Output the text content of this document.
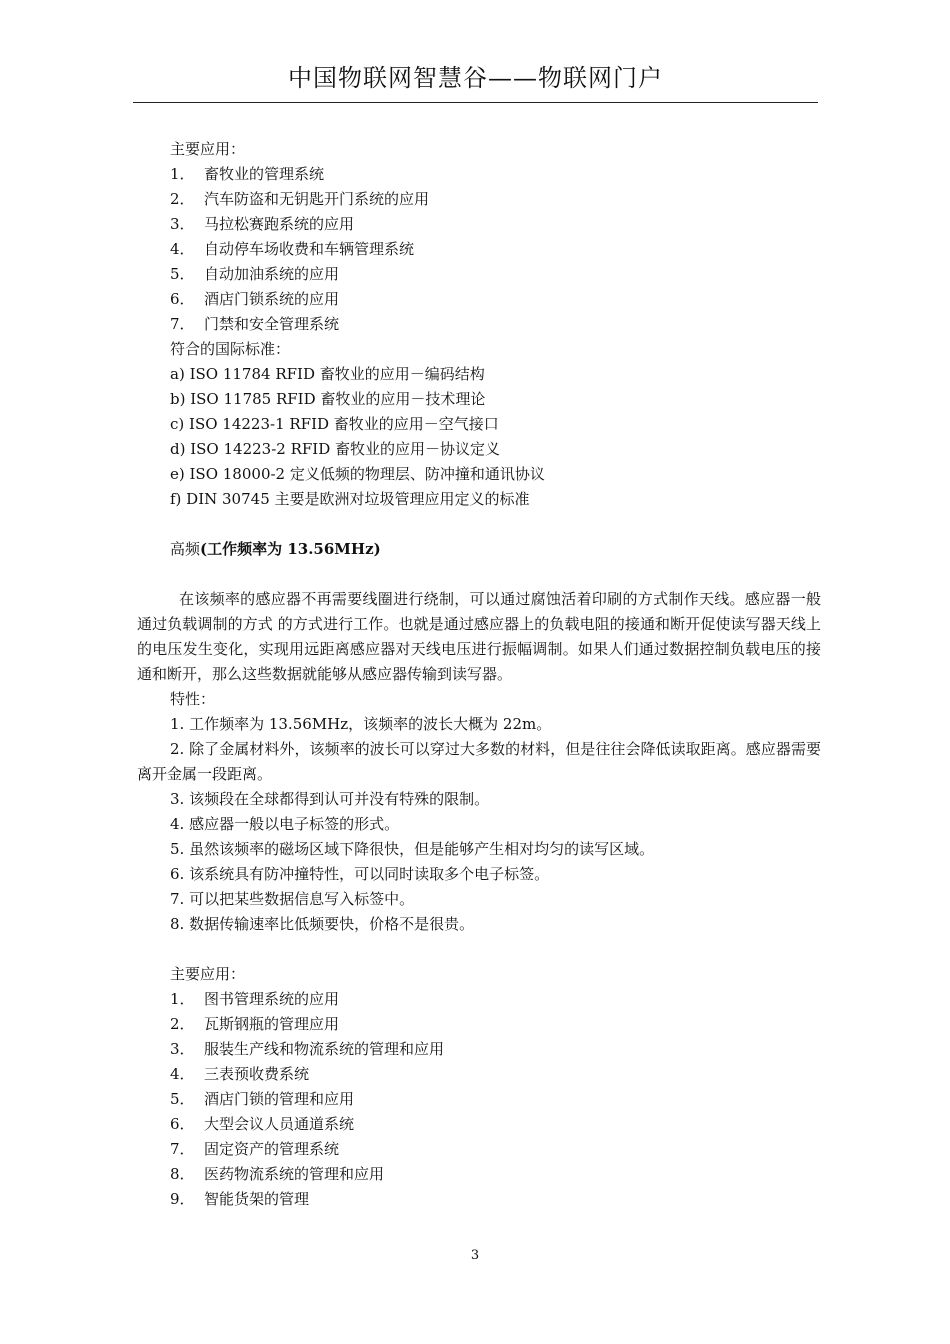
中国物联网智慧谷——物联网门户
主要应用：
1． 畜牧业的管理系统
2． 汽车防盗和无钥匙开门系统的应用
3． 马拉松赛跑系统的应用
4． 自动停车场收费和车辆管理系统
5． 自动加油系统的应用
6． 酒店门锁系统的应用
7． 门禁和安全管理系统
符合的国际标准：
a) ISO 11784 RFID 畜牧业的应用－编码结构
b) ISO 11785 RFID 畜牧业的应用－技术理论
c) ISO 14223-1 RFID 畜牧业的应用－空气接口
d) ISO 14223-2 RFID 畜牧业的应用－协议定义
e) ISO 18000-2 定义低频的物理层、防冲撞和通讯协议
f) DIN 30745 主要是欧洲对垃圾管理应用定义的标准
高频(工作频率为 13.56MHz)
在该频率的感应器不再需要线圈进行绕制，可以通过腐蚀活着印刷的方式制作天线。感应器一般通过负载调制的方式 的方式进行工作。也就是通过感应器上的负载电阻的接通和断开促使读写器天线上的电压发生变化，实现用远距离感应器对天线电压进行振幅调制。如果人们通过数据控制负载电压的接通和断开，那么这些数据就能够从感应器传输到读写器。
特性：
1. 工作频率为 13.56MHz，该频率的波长大概为 22m。
2. 除了金属材料外，该频率的波长可以穿过大多数的材料，但是往往会降低读取距离。感应器需要离开金属一段距离。
3. 该频段在全球都得到认可并没有特殊的限制。
4. 感应器一般以电子标签的形式。
5. 虽然该频率的磁场区域下降很快，但是能够产生相对均匀的读写区域。
6. 该系统具有防冲撞特性，可以同时读取多个电子标签。
7. 可以把某些数据信息写入标签中。
8. 数据传输速率比低频要快，价格不是很贵。
主要应用：
1． 图书管理系统的应用
2． 瓦斯钢瓶的管理应用
3． 服装生产线和物流系统的管理和应用
4． 三表预收费系统
5． 酒店门锁的管理和应用
6． 大型会议人员通道系统
7． 固定资产的管理系统
8． 医药物流系统的管理和应用
9． 智能货架的管理
3
